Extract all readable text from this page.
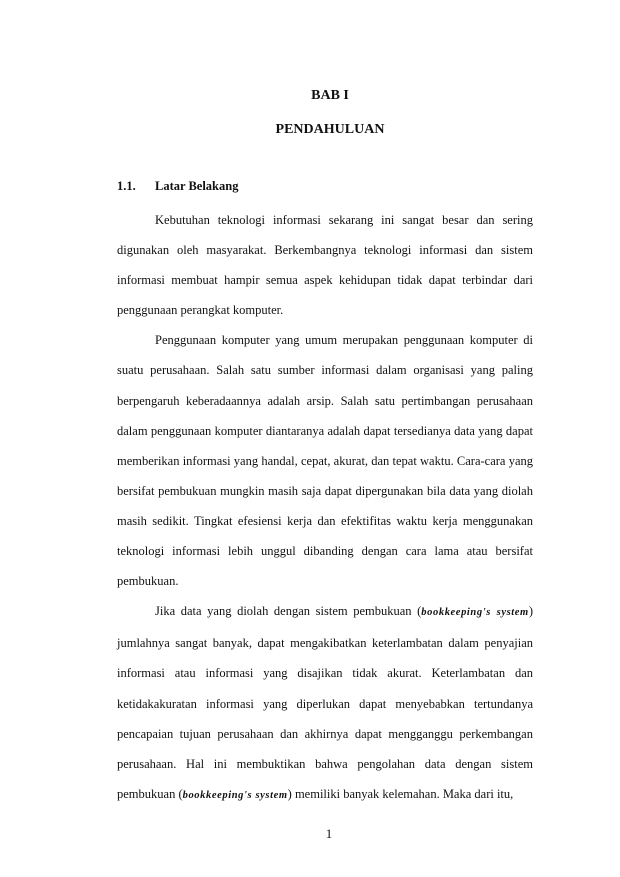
BAB I
PENDAHULUAN
1.1. Latar Belakang

Kebutuhan teknologi informasi sekarang ini sangat besar dan sering digunakan oleh masyarakat. Berkembangnya teknologi informasi dan sistem informasi membuat hampir semua aspek kehidupan tidak dapat terbindar dari penggunaan perangkat komputer.

Penggunaan komputer yang umum merupakan penggunaan komputer di suatu perusahaan. Salah satu sumber informasi dalam organisasi yang paling berpengaruh keberadaannya adalah arsip. Salah satu pertimbangan perusahaan dalam penggunaan komputer diantaranya adalah dapat tersedianya data yang dapat memberikan informasi yang handal, cepat, akurat, dan tepat waktu. Cara-cara yang bersifat pembukuan mungkin masih saja dapat dipergunakan bila data yang diolah masih sedikit. Tingkat efesiensi kerja dan efektifitas waktu kerja menggunakan teknologi informasi lebih unggul dibanding dengan cara lama atau bersifat pembukuan.

Jika data yang diolah dengan sistem pembukuan (bookkeeping's system) jumlahnya sangat banyak, dapat mengakibatkan keterlambatan dalam penyajian informasi atau informasi yang disajikan tidak akurat. Keterlambatan dan ketidakakuratan informasi yang diperlukan dapat menyebabkan tertundanya pencapaian tujuan perusahaan dan akhirnya dapat mengganggu perkembangan perusahaan. Hal ini membuktikan bahwa pengolahan data dengan sistem pembukuan (bookkeeping's system) memiliki banyak kelemahan. Maka dari itu,

1
